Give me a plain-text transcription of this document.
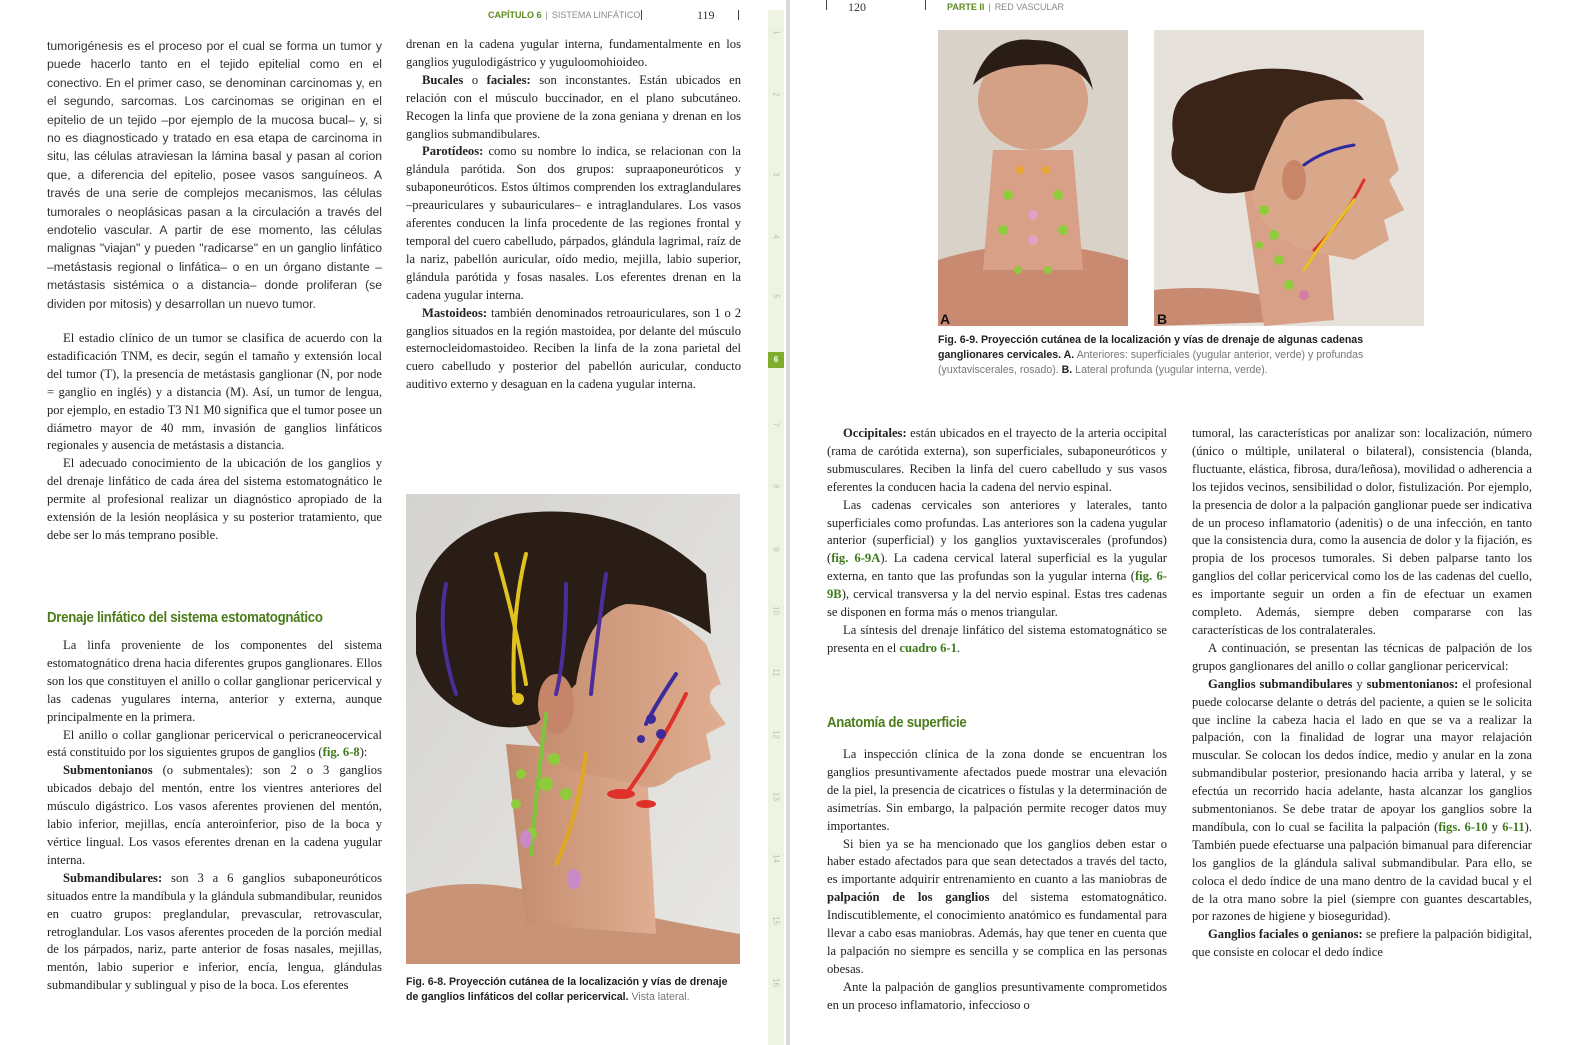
CAPÍTULO 6 | SISTEMA LINFÁTICO	119

tumorigénesis es el proceso por el cual se forma un tumor y puede hacerlo tanto en el tejido epitelial como en el conectivo. En el primer caso, se denominan carcinomas y, en el segundo, sarcomas. Los carcinomas se originan en el epitelio de un tejido –por ejemplo de la mucosa bucal– y, si no es diagnosticado y tratado en esa etapa de carcinoma in situ, las células atraviesan la lámina basal y pasan al corion que, a diferencia del epitelio, posee vasos sanguíneos. A través de una serie de complejos mecanismos, las células tumorales o neoplásicas pasan a la circulación a través del endotelio vascular. A partir de ese momento, las células malignas "viajan" y pueden "radicarse" en un ganglio linfático –metástasis regional o linfática– o en un órgano distante –metástasis sistémica o a distancia– donde proliferan (se dividen por mitosis) y desarrollan un nuevo tumor.

El estadio clínico de un tumor se clasifica de acuerdo con la estadificación TNM, es decir, según el tamaño y extensión local del tumor (T), la presencia de metástasis ganglionar (N, por node = ganglio en inglés) y a distancia (M). Así, un tumor de lengua, por ejemplo, en estadio T3 N1 M0 significa que el tumor posee un diámetro mayor de 40 mm, invasión de ganglios linfáticos regionales y ausencia de metástasis a distancia.

El adecuado conocimiento de la ubicación de los ganglios y del drenaje linfático de cada área del sistema estomatognático le permite al profesional realizar un diagnóstico apropiado de la extensión de la lesión neoplásica y su posterior tratamiento, que debe ser lo más temprano posible.

Drenaje linfático del sistema estomatognático

La linfa proveniente de los componentes del sistema estomatognático drena hacia diferentes grupos ganglionares. Ellos son los que constituyen el anillo o collar ganglionar pericervical y las cadenas yugulares interna, anterior y externa, aunque principalmente en la primera.

El anillo o collar ganglionar pericervical o pericraneocervical está constituido por los siguientes grupos de ganglios (fig. 6-8):

Submentonianos (o submentales): son 2 o 3 ganglios ubicados debajo del mentón, entre los vientres anteriores del músculo digástrico. Los vasos aferentes provienen del mentón, labio inferior, mejillas, encía anteroinferior, piso de la boca y vértice lingual. Los vasos eferentes drenan en la cadena yugular interna.

Submandibulares: son 3 a 6 ganglios subaponeuróticos situados entre la mandíbula y la glándula submandibular, reunidos en cuatro grupos: preglandular, prevascular, retrovascular, retroglandular. Los vasos aferentes proceden de la porción medial de los párpados, nariz, parte anterior de fosas nasales, mejillas, mentón, labio superior e inferior, encía, lengua, glándulas submandibular y sublingual y piso de la boca. Los eferentes

drenan en la cadena yugular interna, fundamentalmente en los ganglios yugulodigástrico y yuguloomohioideo.

Bucales o faciales: son inconstantes. Están ubicados en relación con el músculo buccinador, en el plano subcutáneo. Recogen la linfa que proviene de la zona geniana y drenan en los ganglios submandibulares.

Parotídeos: como su nombre lo indica, se relacionan con la glándula parótida. Son dos grupos: supraaponeuróticos y subaponeuróticos. Estos últimos comprenden los extraglandulares –preauriculares y subauriculares– e intraglandulares. Los vasos aferentes conducen la linfa procedente de las regiones frontal y temporal del cuero cabelludo, párpados, glándula lagrimal, raíz de la nariz, pabellón auricular, oído medio, mejilla, labio superior, glándula parótida y fosas nasales. Los eferentes drenan en la cadena yugular interna.

Mastoideos: también denominados retroauriculares, son 1 o 2 ganglios situados en la región mastoidea, por delante del músculo esternocleidomastoideo. Reciben la linfa de la zona parietal del cuero cabelludo y posterior del pabellón auricular, conducto auditivo externo y desaguan en la cadena yugular interna.

Fig. 6-8. Proyección cutánea de la localización y vías de drenaje de ganglios linfáticos del collar pericervical. Vista lateral.
1
2
3
4
5
6
7
8
9
10
11
12
13
14
15
16
120	PARTE II | RED VASCULAR
A	B
Fig. 6-9. Proyección cutánea de la localización y vías de drenaje de algunas cadenas ganglionares cervicales. A. Anteriores: superficiales (yugular anterior, verde) y profundas (yuxtaviscerales, rosado). B. Lateral profunda (yugular interna, verde).

Occipitales: están ubicados en el trayecto de la arteria occipital (rama de carótida externa), son superficiales, subaponeuróticos y submusculares. Reciben la linfa del cuero cabelludo y sus vasos eferentes la conducen hacia la cadena del nervio espinal.

Las cadenas cervicales son anteriores y laterales, tanto superficiales como profundas. Las anteriores son la cadena yugular anterior (superficial) y los ganglios yuxtaviscerales (profundos) (fig. 6-9A). La cadena cervical lateral superficial es la yugular externa, en tanto que las profundas son la yugular interna (fig. 6-9B), cervical transversa y la del nervio espinal. Estas tres cadenas se disponen en forma más o menos triangular.

La síntesis del drenaje linfático del sistema estomatognático se presenta en el cuadro 6-1.

Anatomía de superficie

La inspección clínica de la zona donde se encuentran los ganglios presuntivamente afectados puede mostrar una elevación de la piel, la presencia de cicatrices o fístulas y la determinación de asimetrías. Sin embargo, la palpación permite recoger datos muy importantes.

Si bien ya se ha mencionado que los ganglios deben estar o haber estado afectados para que sean detectados a través del tacto, es importante adquirir entrenamiento en cuanto a las maniobras de palpación de los ganglios del sistema estomatognático. Indiscutiblemente, el conocimiento anatómico es fundamental para llevar a cabo esas maniobras. Además, hay que tener en cuenta que la palpación no siempre es sencilla y se complica en las personas obesas.

Ante la palpación de ganglios presuntivamente comprometidos en un proceso inflamatorio, infeccioso o

tumoral, las características por analizar son: localización, número (único o múltiple, unilateral o bilateral), consistencia (blanda, fluctuante, elástica, fibrosa, dura/leñosa), movilidad o adherencia a los tejidos vecinos, sensibilidad o dolor, fistulización. Por ejemplo, la presencia de dolor a la palpación ganglionar puede ser indicativa de un proceso inflamatorio (adenitis) o de una infección, en tanto que la consistencia dura, como la ausencia de dolor y la fijación, es propia de los procesos tumorales. Si deben palparse tanto los ganglios del collar pericervical como los de las cadenas del cuello, es importante seguir un orden a fin de efectuar un examen completo. Además, siempre deben compararse con las características de los contralaterales.

A continuación, se presentan las técnicas de palpación de los grupos ganglionares del anillo o collar ganglionar pericervical:

Ganglios submandibulares y submentonianos: el profesional puede colocarse delante o detrás del paciente, a quien se le solicita que incline la cabeza hacia el lado en que se va a realizar la palpación, con la finalidad de lograr una mayor relajación muscular. Se colocan los dedos índice, medio y anular en la zona submandibular posterior, presionando hacia arriba y lateral, y se efectúa un recorrido hacia adelante, hasta alcanzar los ganglios submentonianos. Se debe tratar de apoyar los ganglios sobre la mandíbula, con lo cual se facilita la palpación (figs. 6-10 y 6-11). También puede efectuarse una palpación bimanual para diferenciar los ganglios de la glándula salival submandibular. Para ello, se coloca el dedo índice de una mano dentro de la cavidad bucal y el de la otra mano sobre la piel (siempre con guantes descartables, por razones de higiene y bioseguridad).

Ganglios faciales o genianos: se prefiere la palpación bidigital, que consiste en colocar el dedo índice
